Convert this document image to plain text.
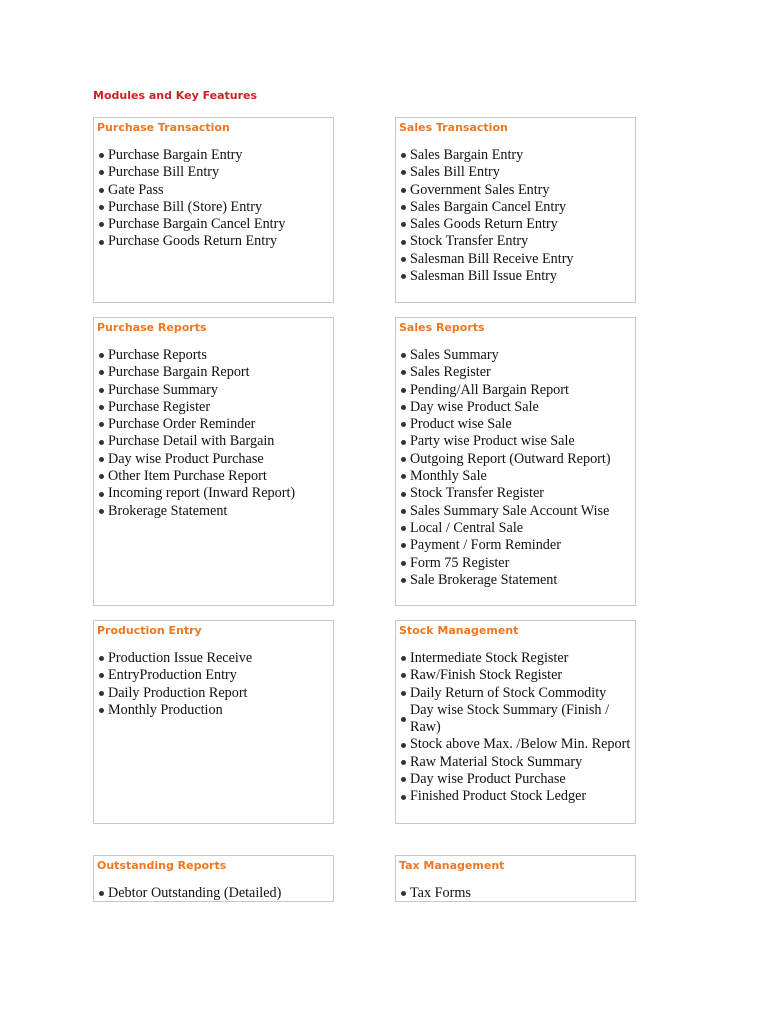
Modules and Key Features
Purchase Transaction
Purchase Bargain Entry
Purchase Bill Entry
Gate Pass
Purchase Bill (Store) Entry
Purchase Bargain Cancel Entry
Purchase Goods Return Entry
Sales Transaction
Sales Bargain Entry
Sales Bill Entry
Government Sales Entry
Sales Bargain Cancel Entry
Sales Goods Return Entry
Stock Transfer Entry
Salesman Bill Receive Entry
Salesman Bill Issue Entry
Purchase Reports
Purchase Reports
Purchase Bargain Report
Purchase Summary
Purchase Register
Purchase Order Reminder
Purchase Detail with Bargain
Day wise Product Purchase
Other Item Purchase Report
Incoming report (Inward Report)
Brokerage Statement
Sales Reports
Sales Summary
Sales Register
Pending/All Bargain Report
Day wise Product Sale
Product wise Sale
Party wise Product wise Sale
Outgoing Report (Outward Report)
Monthly Sale
Stock Transfer Register
Sales Summary Sale Account Wise
Local / Central Sale
Payment / Form Reminder
Form 75 Register
Sale Brokerage Statement
Production Entry
Production Issue Receive
EntryProduction Entry
Daily Production Report
Monthly Production
Stock Management
Intermediate Stock Register
Raw/Finish Stock Register
Daily Return of Stock Commodity
Day wise Stock Summary (Finish / Raw)
Stock above Max. /Below Min. Report
Raw Material Stock Summary
Day wise Product Purchase
Finished Product Stock Ledger
Outstanding Reports
Debtor Outstanding (Detailed)
Tax Management
Tax Forms
